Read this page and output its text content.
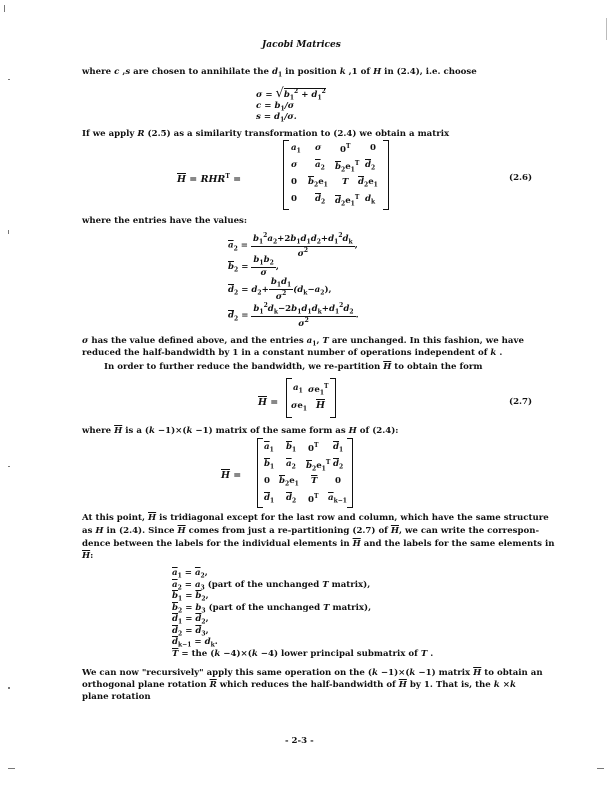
Jacobi Matrices
where c ,s are chosen to annihilate the $d_1$ in position k ,1 of H in (2.4), i.e. choose
$\sigma = √b_1^2 + d_1^2$
$c = b_1/\sigma$
$s = d_1/\sigma$.
If we apply R (2.5) as a similarity transformation to (2.4) we obtain a matrix
$\overline{H} = RHR^T$ =
$a_1$ σ $0^T$ 0
σ $\overline{a}_2$ $\overline{b}_2e_1^T$ $\overline{d}_2$
0 $\overline{b}_2e_1$ T $\overline{d}_2e_1$
0 $\overline{d}_2$ $\overline{d}_2e_1^T$ $d_k$
(2.6)
where the entries have the values:
$\overline{a}_2 = \frac{b_1^2a_2+2b_1d_1d_2+d_1^2d_k}{\sigma^2}$ ,
$\overline{b}_2 = \frac{b_1b_2}{\sigma}$ ,
$\overline{d}_2 = d_2+ \frac{b_1d_1}{\sigma^2} (d_k-a_2)$,
$\overline{d}_2 = \frac{b_1^2d_k-2b_1d_1d_k+d_1^2d_2}{\sigma^2}$ .
σ has the value defined above, and the entries $a_1$, T are unchanged. In this fashion, we have
reduced the half-bandwidth by 1 in a constant number of operations independent of k .
In order to further reduce the bandwidth, we re-partition $\overline{H}$ to obtain the form
$\overline{H}$ =
$a_1$ $\sigma e_1^T$
$\sigma e_1$ $\overline{H}$	(2.7)
where $\overline{H}$ is a (k −1)×(k −1) matrix of the same form as H of (2.4):
$\overline{H}$ =
$\overline{a}_1$ $\overline{b}_1$ $0^T$ $\overline{d}_1$
$\overline{b}_1$ $\overline{a}_2$ $\overline{b}_2e_1^T$ $\overline{d}_2$
0 $\overline{b}_2e_1$ $\overline{T}$ 0
$\overline{d}_1$ $\overline{d}_2$ $0^T$ $\overline{a}_{k-1}$
At this point, $\overline{H}$ is tridiagonal except for the last row and column, which have the same structure
as H in (2.4). Since $\overline{H}$ comes from just a re-partitioning (2.7) of $\overline{H}$, we can write the correspon-
dence between the labels for the individual elements in $\overline{H}$ and the labels for the same elements in
$\overline{H}$:
$\overline{a}_1 = \overline{a}_2$,
$\overline{a}_2 = a_3$ (part of the unchanged T matrix),
$\overline{b}_1 = \overline{b}_2$,
$\overline{b}_2 = b_3$ (part of the unchanged T matrix),
$\overline{d}_1 = \overline{d}_2$,
$\overline{d}_2 = \overline{d}_3$,
$\overline{d}_{k-1} = d_k$.
$\overline{T}$ = the (k −4)×(k −4) lower principal submatrix of T .
We can now "recursively" apply this same operation on the (k −1)×(k −1) matrix $\overline{H}$ to obtain an
orthogonal plane rotation $\overline{R}$ which reduces the half-bandwidth of $\overline{H}$ by 1. That is, the k ×k
plane rotation
- 2-3 -
